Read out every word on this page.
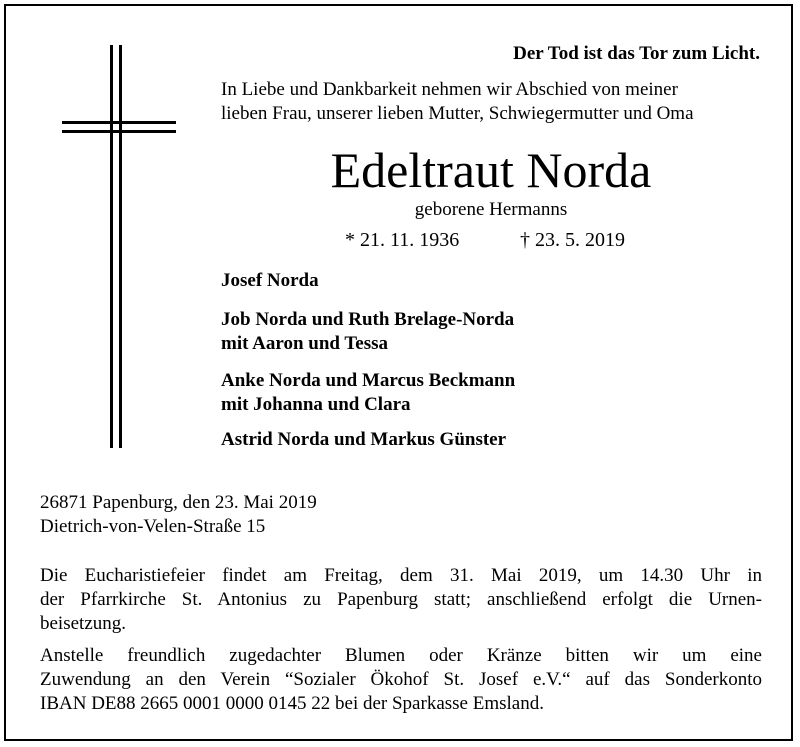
Der Tod ist das Tor zum Licht.
In Liebe und Dankbarkeit nehmen wir Abschied von meiner
lieben Frau, unserer lieben Mutter, Schwiegermutter und Oma
Edeltraut Norda
geborene Hermanns
* 21. 11. 1936	† 23. 5. 2019
Josef Norda
Job Norda und Ruth Brelage-Norda
mit Aaron und Tessa
Anke Norda und Marcus Beckmann
mit Johanna und Clara
Astrid Norda und Markus Günster
26871 Papenburg, den 23. Mai 2019
Dietrich-von-Velen-Straße 15
Die Eucharistiefeier findet am Freitag, dem 31. Mai 2019, um 14.30 Uhr in
der Pfarrkirche St. Antonius zu Papenburg statt; anschließend erfolgt die Urnen-
beisetzung.
Anstelle freundlich zugedachter Blumen oder Kränze bitten wir um eine
Zuwendung an den Verein “Sozialer Ökohof St. Josef e.V.“ auf das Sonderkonto
IBAN DE88 2665 0001 0000 0145 22 bei der Sparkasse Emsland.
